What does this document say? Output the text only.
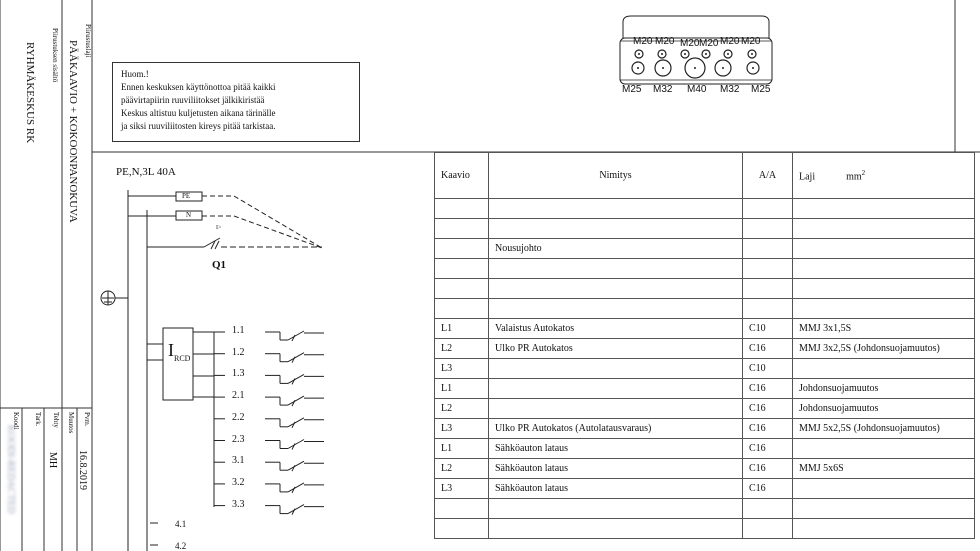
Piirustuslaji
PÄÄKAAVIO + KOKOONPANOKUVA
Piirustuksen sisältö
RYHMÄKESKUS RK
Pvm.
16.8.2019
Muutos
Tehty
MH
Tark.
Koodi
KOODI-REDACTED
Huom.!
Ennen keskuksen käyttönottoa pitää kaikki
päävirtapiirin ruuviliitokset jälkikiristää
Keskus altistuu kuljetusten aikana tärinälle
ja siksi ruuviliitosten kireys pitää tarkistaa.
M20 M20 M20 M20 M20 M20
M25 M32 M40 M32 M25
PE,N,3L 40A
PE
N
I>
Q1
I RCD
1.1
1.2
1.3
2.1
2.2
2.3
3.1
3.2
3.3
4.1
4.2
Kaavio	Nimitys	A/A	Laji $mm^2$

	Nousujohto		

L1	Valaistus Autokatos	C10	MMJ 3x1,5S
L2	Ulko PR Autokatos	C16	MMJ 3x2,5S (Johdonsuojamuutos)
L3		C10	
L1		C16	Johdonsuojamuutos
L2		C16	Johdonsuojamuutos
L3	Ulko PR Autokatos (Autolatausvaraus)	C16	MMJ 5x2,5S (Johdonsuojamuutos)
L1	Sähköauton lataus	C16	
L2	Sähköauton lataus	C16	MMJ 5x6S
L3	Sähköauton lataus	C16	
